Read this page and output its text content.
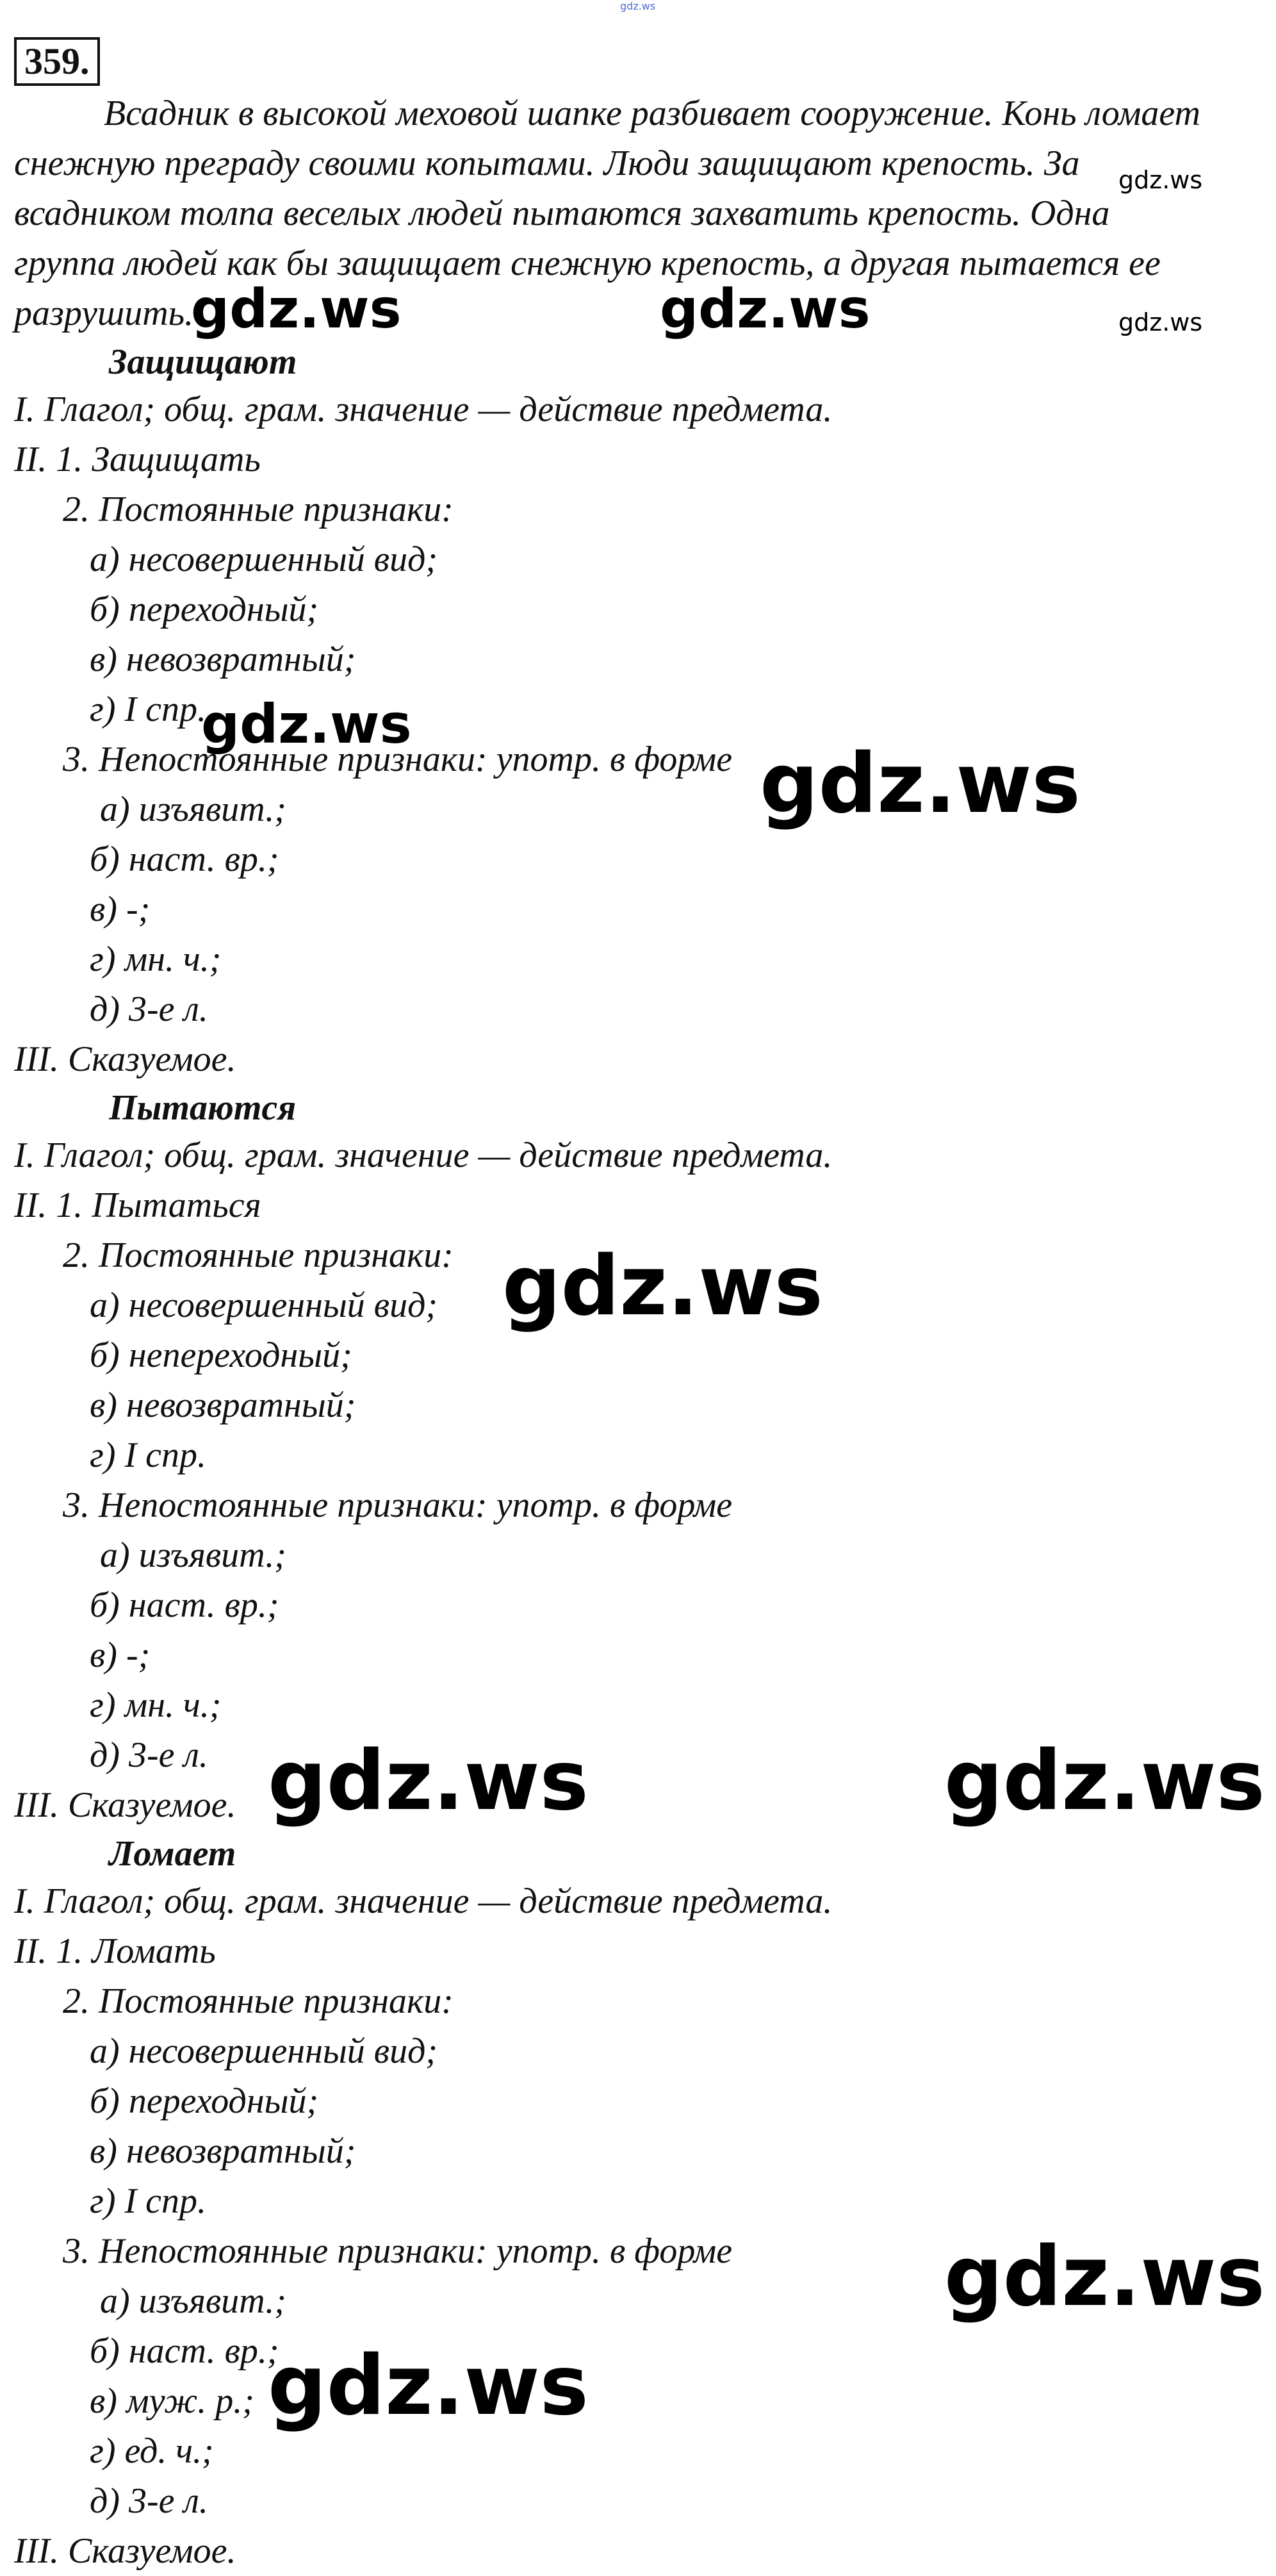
gdz.ws
359.
Всадник в высокой меховой шапке разбивает сооружение. Конь ломает
снежную преграду своими копытами. Люди защищают крепость. За
всадником толпа веселых людей пытаются захватить крепость. Одна
группа людей как бы защищает снежную крепость, а другая пытается ее
разрушить.
Защищают
I. Глагол; общ. грам. значение — действие предмета.
II. 1. Защищать
2. Постоянные признаки:
а) несовершенный вид;
б) переходный;
в) невозвратный;
г) I спр.
3. Непостоянные признаки: употр. в форме
а) изъявит.;
б) наст. вр.;
в) -;
г) мн. ч.;
д) 3-е л.
III. Сказуемое.
Пытаются
I. Глагол; общ. грам. значение — действие предмета.
II. 1. Пытаться
2. Постоянные признаки:
а) несовершенный вид;
б) непереходный;
в) невозвратный;
г) I спр.
3. Непостоянные признаки: употр. в форме
а) изъявит.;
б) наст. вр.;
в) -;
г) мн. ч.;
д) 3-е л.
III. Сказуемое.
Ломает
I. Глагол; общ. грам. значение — действие предмета.
II. 1. Ломать
2. Постоянные признаки:
а) несовершенный вид;
б) переходный;
в) невозвратный;
г) I спр.
3. Непостоянные признаки: употр. в форме
а) изъявит.;
б) наст. вр.;
в) муж. р.;
г) ед. ч.;
д) 3-е л.
III. Сказуемое.
gdz.ws	gdz.ws
gdz.ws
gdz.ws
gdz.ws
gdz.ws
gdz.ws
gdz.ws	gdz.ws
gdz.ws
gdz.ws
